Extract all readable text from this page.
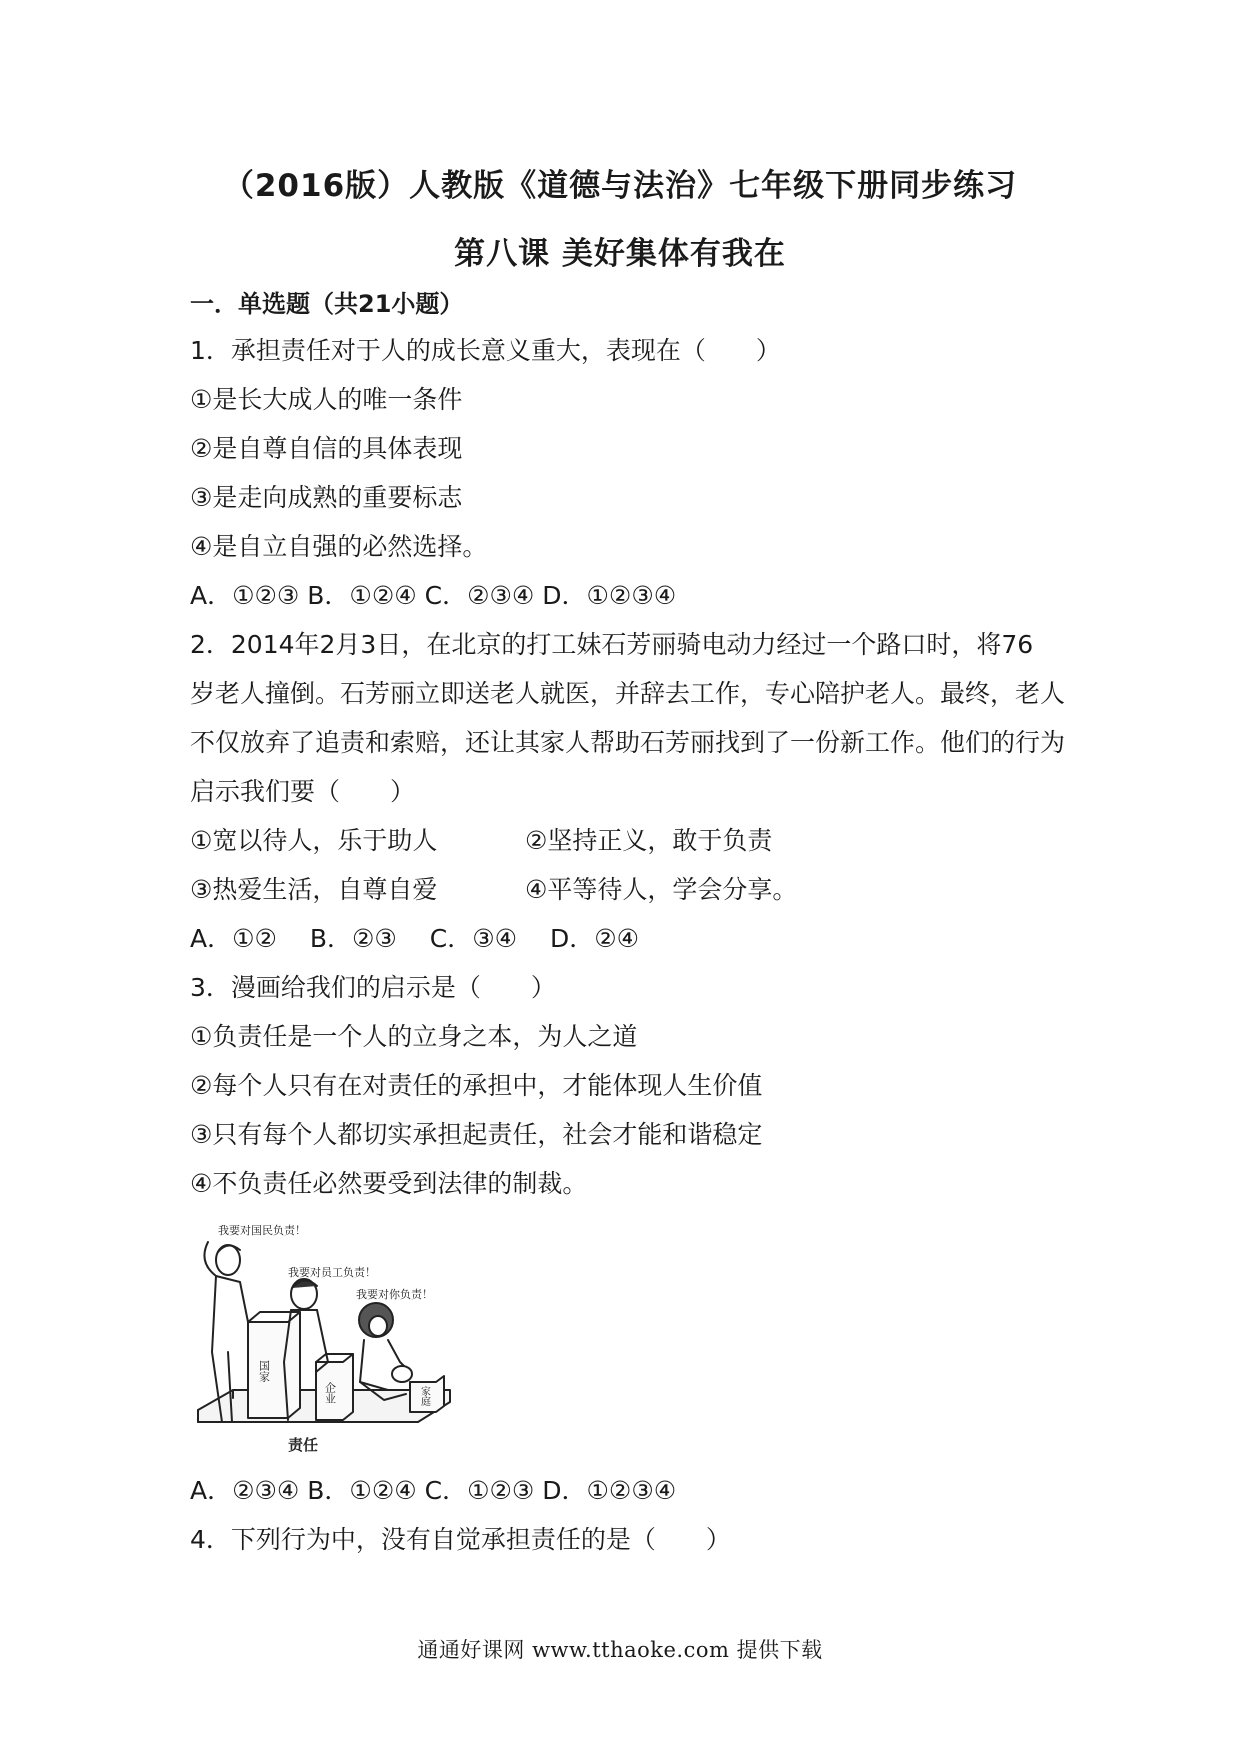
（2016版）人教版《道德与法治》七年级下册同步练习
第八课 美好集体有我在
一．单选题（共21小题）
1．承担责任对于人的成长意义重大，表现在（　　）
①是长大成人的唯一条件
②是自尊自信的具体表现
③是走向成熟的重要标志
④是自立自强的必然选择。
A．①②③ B．①②④ C．②③④ D．①②③④
2．2014年2月3日，在北京的打工妹石芳丽骑电动力经过一个路口时，将76
岁老人撞倒。石芳丽立即送老人就医，并辞去工作，专心陪护老人。最终，老人
不仅放弃了追责和索赔，还让其家人帮助石芳丽找到了一份新工作。他们的行为
启示我们要（　　）
①宽以待人，乐于助人	②坚持正义，敢于负责
③热爱生活，自尊自爱	④平等待人，学会分享。
A．①②　 B．②③　 C．③④　 D．②④
3．漫画给我们的启示是（　　）
①负责任是一个人的立身之本，为人之道
②每个人只有在对责任的承担中，才能体现人生价值
③只有每个人都切实承担起责任，社会才能和谐稳定
④不负责任必然要受到法律的制裁。
我要对国民负责！
我要对员工负责！
我要对你负责！
国家
企业	家庭
责任
A．②③④ B．①②④ C．①②③ D．①②③④
4．下列行为中，没有自觉承担责任的是（　　）
通通好课网 www.tthaoke.com 提供下载
